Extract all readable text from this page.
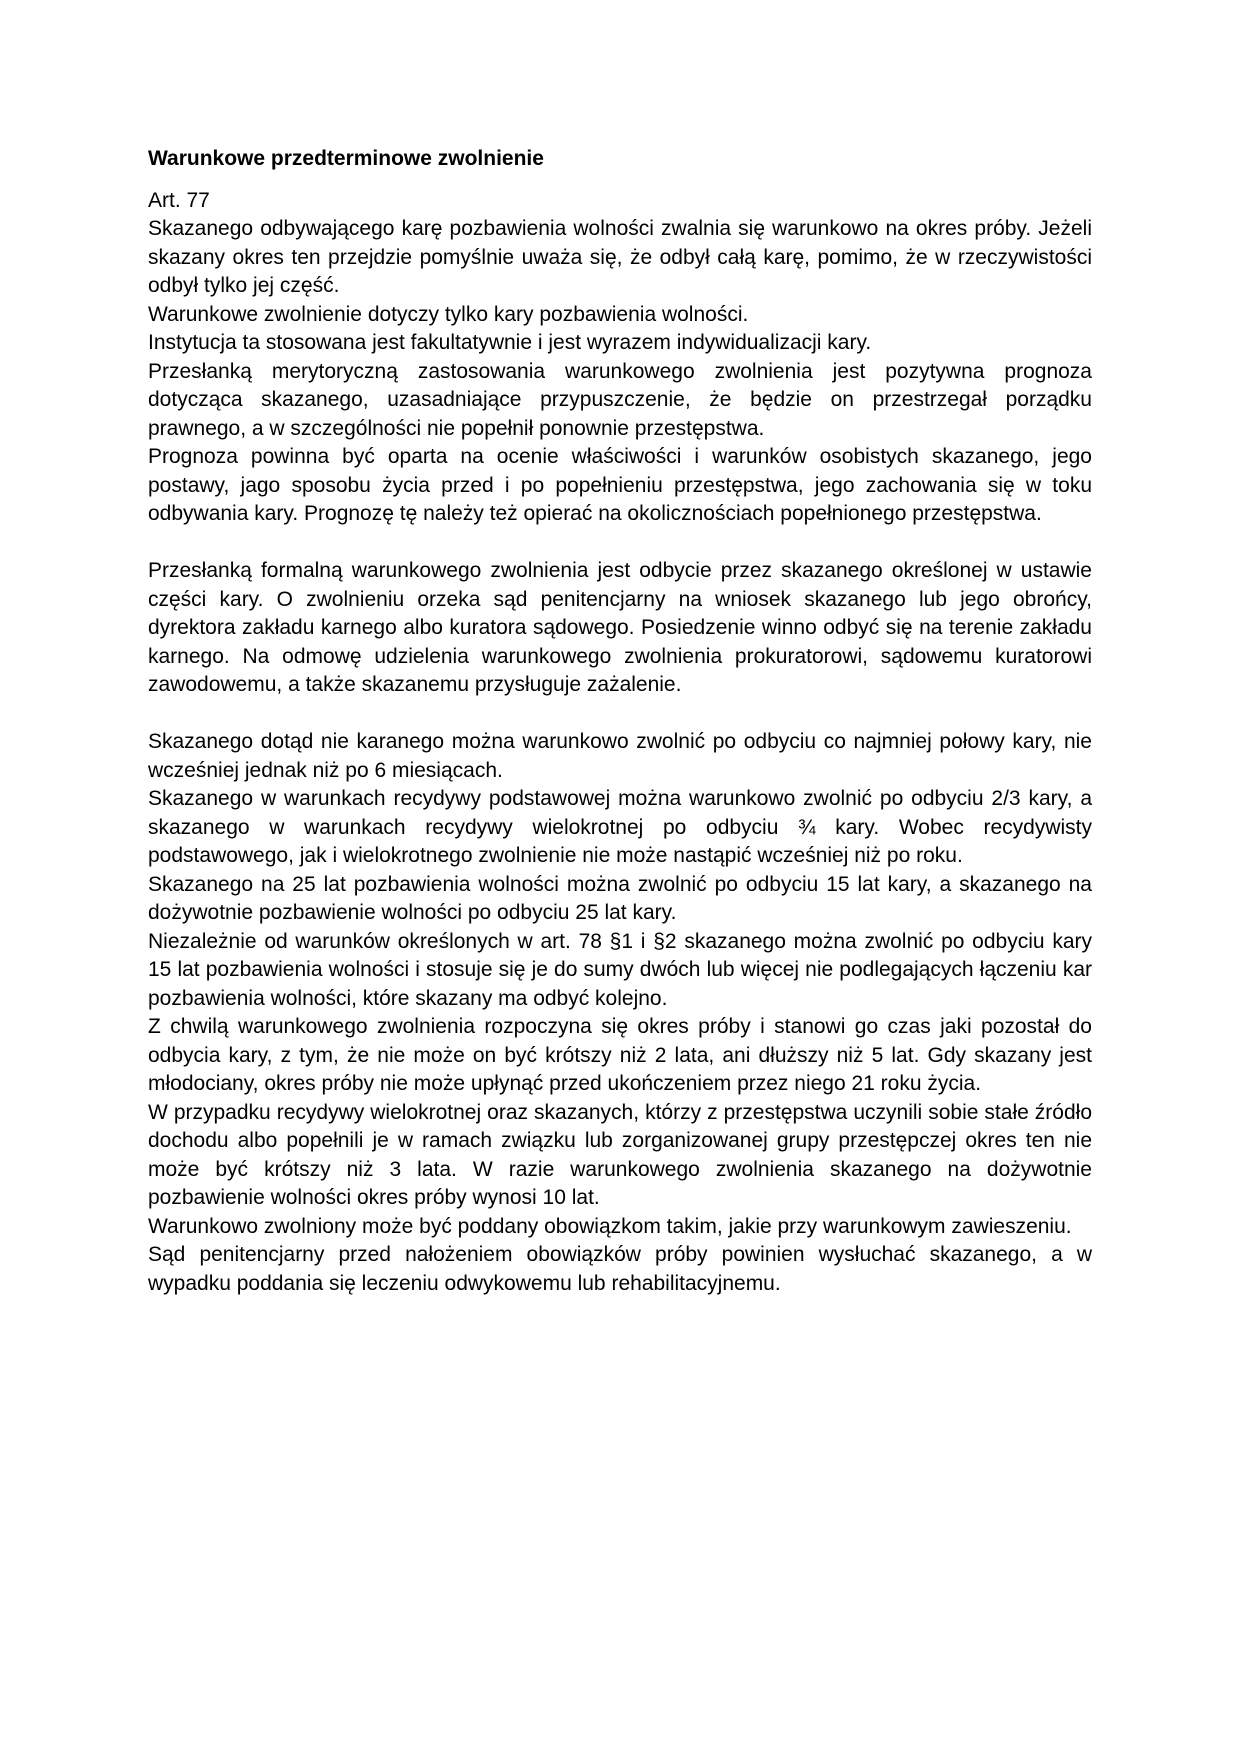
Warunkowe przedterminowe zwolnienie
Art. 77

Skazanego odbywającego karę pozbawienia wolności zwalnia się warunkowo na okres próby. Jeżeli skazany okres ten przejdzie pomyślnie uważa się, że odbył całą karę, pomimo, że w rzeczywistości odbył tylko jej część.

Warunkowe zwolnienie dotyczy tylko kary pozbawienia wolności.

Instytucja ta stosowana jest fakultatywnie i jest wyrazem indywidualizacji kary.

Przesłanką merytoryczną zastosowania warunkowego zwolnienia jest pozytywna prognoza dotycząca skazanego, uzasadniające przypuszczenie, że będzie on przestrzegał porządku prawnego, a w szczególności nie popełnił ponownie przestępstwa.

Prognoza powinna być oparta na ocenie właściwości i warunków osobistych skazanego, jego postawy, jago sposobu życia przed i po popełnieniu przestępstwa, jego zachowania się w toku odbywania kary. Prognozę tę należy też opierać na okolicznościach popełnionego przestępstwa.

Przesłanką formalną warunkowego zwolnienia jest odbycie przez skazanego określonej w ustawie części kary. O zwolnieniu orzeka sąd penitencjarny na wniosek skazanego lub jego obrońcy, dyrektora zakładu karnego albo kuratora sądowego. Posiedzenie winno odbyć się na terenie zakładu karnego. Na odmowę udzielenia warunkowego zwolnienia prokuratorowi, sądowemu kuratorowi zawodowemu, a także skazanemu przysługuje zażalenie.

Skazanego dotąd nie karanego można warunkowo zwolnić po odbyciu co najmniej połowy kary, nie wcześniej jednak niż po 6 miesiącach.

Skazanego w warunkach recydywy podstawowej można warunkowo zwolnić po odbyciu 2/3 kary, a skazanego w warunkach recydywy wielokrotnej po odbyciu ¾ kary. Wobec recydywisty podstawowego, jak i wielokrotnego zwolnienie nie może nastąpić wcześniej niż po roku.

Skazanego na 25 lat pozbawienia wolności można zwolnić po odbyciu 15 lat kary, a skazanego na dożywotnie pozbawienie wolności po odbyciu 25 lat kary.

Niezależnie od warunków określonych w art. 78 §1 i §2 skazanego można zwolnić po odbyciu kary 15 lat pozbawienia wolności i stosuje się je do sumy dwóch lub więcej nie podlegających łączeniu kar pozbawienia wolności, które skazany ma odbyć kolejno.

Z chwilą warunkowego zwolnienia rozpoczyna się okres próby i stanowi go czas jaki pozostał do odbycia kary, z tym, że nie może on być krótszy niż 2 lata, ani dłuższy niż 5 lat. Gdy skazany jest młodociany, okres próby nie może upłynąć przed ukończeniem przez niego 21 roku życia.

W przypadku recydywy wielokrotnej oraz skazanych, którzy z przestępstwa uczynili sobie stałe źródło dochodu albo popełnili je w ramach związku lub zorganizowanej grupy przestępczej okres ten nie może być krótszy niż 3 lata. W razie warunkowego zwolnienia skazanego na dożywotnie pozbawienie wolności okres próby wynosi 10 lat.

Warunkowo zwolniony może być poddany obowiązkom takim, jakie przy warunkowym zawieszeniu.

Sąd penitencjarny przed nałożeniem obowiązków próby powinien wysłuchać skazanego, a w wypadku poddania się leczeniu odwykowemu lub rehabilitacyjnemu.
